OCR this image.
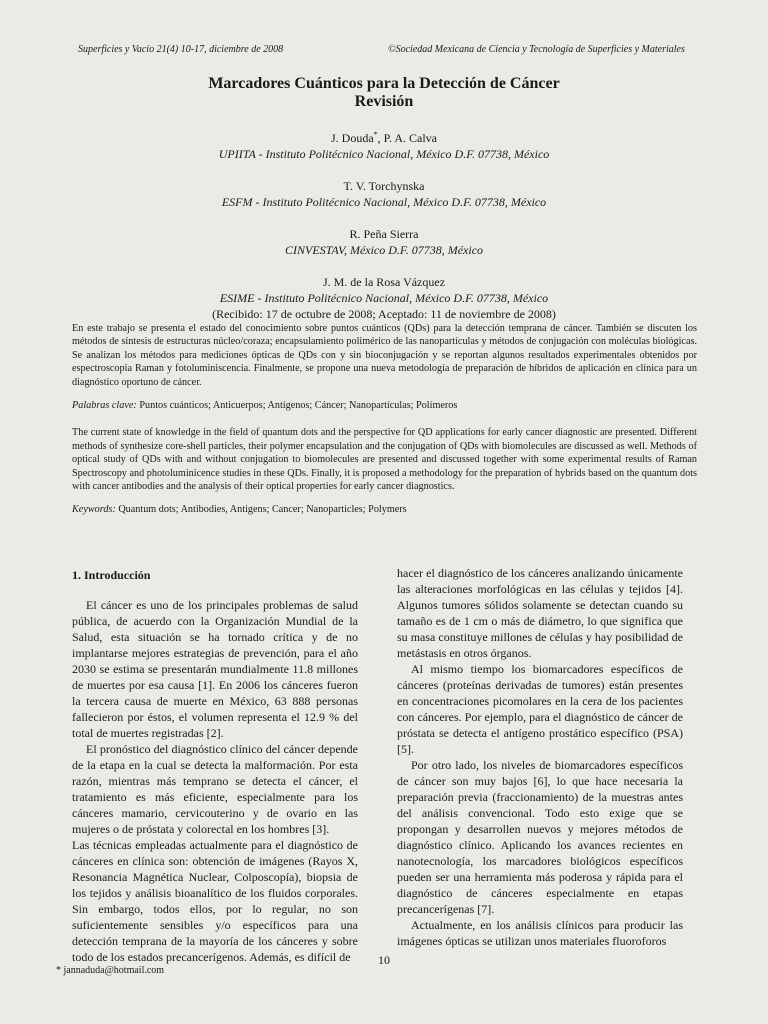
Superficies y Vacío 21(4) 10-17, diciembre de 2008	©Sociedad Mexicana de Ciencia y Tecnología de Superficies y Materiales

Marcadores Cuánticos para la Detección de Cáncer

Revisión

J. Douda*, P. A. Calva
UPIITA - Instituto Politécnico Nacional, México D.F. 07738, México
T. V. Torchynska
ESFM - Instituto Politécnico Nacional, México D.F. 07738, México
R. Peña Sierra
CINVESTAV, México D.F. 07738, México
J. M. de la Rosa Vázquez
ESIME - Instituto Politécnico Nacional, México D.F. 07738, México
(Recibido: 17 de octubre de 2008; Aceptado: 11 de noviembre de 2008)

En este trabajo se presenta el estado del conocimiento sobre puntos cuánticos (QDs) para la detección temprana de cáncer. También se discuten los métodos de síntesis de estructuras núcleo/coraza; encapsulamiento polimérico de las nanopartículas y métodos de conjugación con moléculas biológicas. Se analizan los métodos para mediciones ópticas de QDs con y sin bioconjugación y se reportan algunos resultados experimentales obtenidos por espectroscopia Raman y fotoluminiscencia. Finalmente, se propone una nueva metodología de preparación de híbridos de aplicación en clínica para un diagnóstico oportuno de cáncer.

Palabras clave: Puntos cuánticos; Anticuerpos; Antígenos; Cáncer; Nanopartículas; Polímeros

The current state of knowledge in the field of quantum dots and the perspective for QD applications for early cancer diagnostic are presented. Different methods of synthesize core-shell particles, their polymer encapsulation and the conjugation of QDs with biomolecules are discussed as well. Methods of optical study of QDs with and without conjugation to biomolecules are presented and discussed together with some experimental results of Raman Spectroscopy and photoluminicence studies in these QDs. Finally, it is proposed a methodology for the preparation of hybrids based on the quantum dots with cancer antibodies and the analysis of their optical properties for early cancer diagnostics.

Keywords: Quantum dots; Antibodies, Antigens; Cancer; Nanoparticles; Polymers

1. Introducción

El cáncer es uno de los principales problemas de salud pública, de acuerdo con la Organización Mundial de la Salud, esta situación se ha tornado crítica y de no implantarse mejores estrategias de prevención, para el año 2030 se estima se presentarán mundialmente 11.8 millones de muertes por esa causa [1]. En 2006 los cánceres fueron la tercera causa de muerte en México, 63 888 personas fallecieron por éstos, el volumen representa el 12.9 % del total de muertes registradas [2].

El pronóstico del diagnóstico clínico del cáncer depende de la etapa en la cual se detecta la malformación. Por esta razón, mientras más temprano se detecta el cáncer, el tratamiento es más eficiente, especialmente para los cánceres mamario, cervicouterino y de ovario en las mujeres o de próstata y colorectal en los hombres [3].

Las técnicas empleadas actualmente para el diagnóstico de cánceres en clínica son: obtención de imágenes (Rayos X, Resonancia Magnética Nuclear, Colposcopía), biopsia de los tejidos y análisis bioanalítico de los fluidos corporales. Sin embargo, todos ellos, por lo regular, no son suficientemente sensibles y/o específicos para una detección temprana de la mayoría de los cánceres y sobre todo de los estados precancerígenos. Además, es difícil de

hacer el diagnóstico de los cánceres analizando únicamente las alteraciones morfológicas en las células y tejidos [4]. Algunos tumores sólidos solamente se detectan cuando su tamaño es de 1 cm o más de diámetro, lo que significa que su masa constituye millones de células y hay posibilidad de metástasis en otros órganos.

Al mismo tiempo los biomarcadores específicos de cánceres (proteínas derivadas de tumores) están presentes en concentraciones picomolares en la cera de los pacientes con cánceres. Por ejemplo, para el diagnóstico de cáncer de próstata se detecta el antígeno prostático específico (PSA) [5].

Por otro lado, los niveles de biomarcadores específicos de cáncer son muy bajos [6], lo que hace necesaria la preparación previa (fraccionamiento) de la muestras antes del análisis convencional. Todo esto exige que se propongan y desarrollen nuevos y mejores métodos de diagnóstico clínico. Aplicando los avances recientes en nanotecnología, los marcadores biológicos específicos pueden ser una herramienta más poderosa y rápida para el diagnóstico de cánceres especialmente en etapas precancerígenas [7].

Actualmente, en los análisis clínicos para producir las imágenes ópticas se utilizan unos materiales fluoroforos

10
* jannaduda@hotmail.com
